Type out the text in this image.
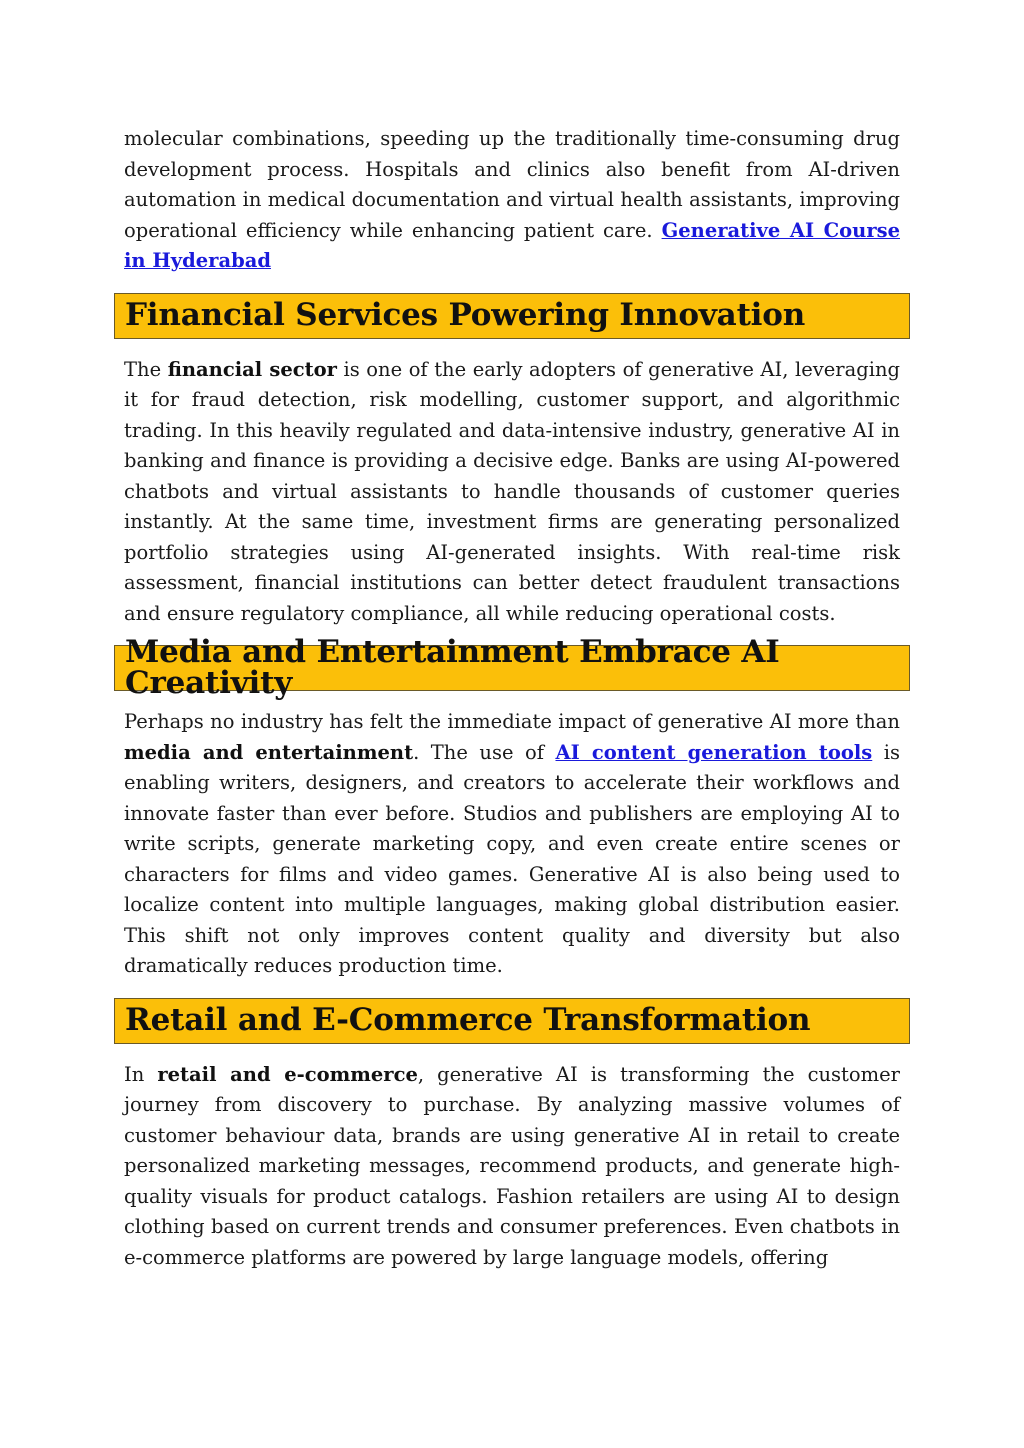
molecular combinations, speeding up the traditionally time-consuming drug development process. Hospitals and clinics also benefit from AI-driven automation in medical documentation and virtual health assistants, improving operational efficiency while enhancing patient care. Generative AI Course in Hyderabad

Financial Services Powering Innovation

The financial sector is one of the early adopters of generative AI, leveraging it for fraud detection, risk modelling, customer support, and algorithmic trading. In this heavily regulated and data-intensive industry, generative AI in banking and finance is providing a decisive edge. Banks are using AI-powered chatbots and virtual assistants to handle thousands of customer queries instantly. At the same time, investment firms are generating personalized portfolio strategies using AI-generated insights. With real-time risk assessment, financial institutions can better detect fraudulent transactions and ensure regulatory compliance, all while reducing operational costs.

Media and Entertainment Embrace AI Creativity

Perhaps no industry has felt the immediate impact of generative AI more than media and entertainment. The use of AI content generation tools is enabling writers, designers, and creators to accelerate their workflows and innovate faster than ever before. Studios and publishers are employing AI to write scripts, generate marketing copy, and even create entire scenes or characters for films and video games. Generative AI is also being used to localize content into multiple languages, making global distribution easier. This shift not only improves content quality and diversity but also dramatically reduces production time.

Retail and E-Commerce Transformation

In retail and e-commerce, generative AI is transforming the customer journey from discovery to purchase. By analyzing massive volumes of customer behaviour data, brands are using generative AI in retail to create personalized marketing messages, recommend products, and generate high-quality visuals for product catalogs. Fashion retailers are using AI to design clothing based on current trends and consumer preferences. Even chatbots in e-commerce platforms are powered by large language models, offering
